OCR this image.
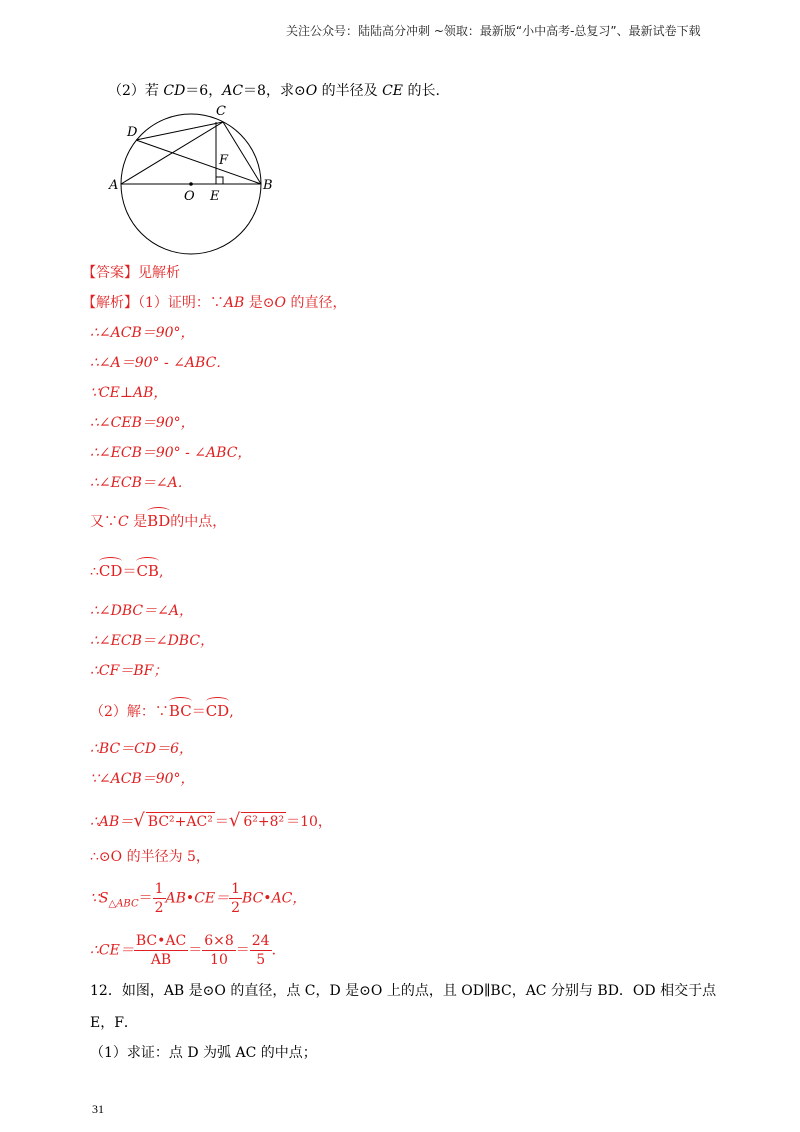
关注公众号：陆陆高分冲刺 ~领取：最新版“小中高考-总复习”、最新试卷下载
（2）若 CD＝6，AC＝8，求⊙O 的半径及 CE 的长.
C
D
F
A
O E
B
【答案】见解析
【解析】（1）证明：∵AB 是⊙O 的直径，
∴∠ACB＝90°，
∴∠A＝90° - ∠ABC．
∵CE⊥AB，
∴∠CEB＝90°，
∴∠ECB＝90° - ∠ABC，
∴∠ECB＝∠A．
又∵C 是BD的中点，
∴CD＝CB,
∴∠DBC＝∠A，
∴∠ECB＝∠DBC，
∴CF＝BF；
（2）解：∵BC＝CD,
∴BC＝CD＝6，
∵∠ACB＝90°，
∴AB＝√ BC²+AC² ＝√ 6²+8² ＝10，
∴⊙O 的半径为 5，
$\because S_{\triangle ABC}= \frac{1}{2}$ AB•CE＝ $\frac{1}{2}$ BC•AC，
∴CE＝ $\frac{BC•AC}{AB} = \frac{6\times 8}{10} = \frac{24}{5}$ ．
12．如图，AB 是⊙O 的直径，点 C，D 是⊙O 上的点，且 OD∥BC，AC 分别与 BD．OD 相交于点
E，F．
（1）求证：点 D 为弧 AC 的中点；
31
